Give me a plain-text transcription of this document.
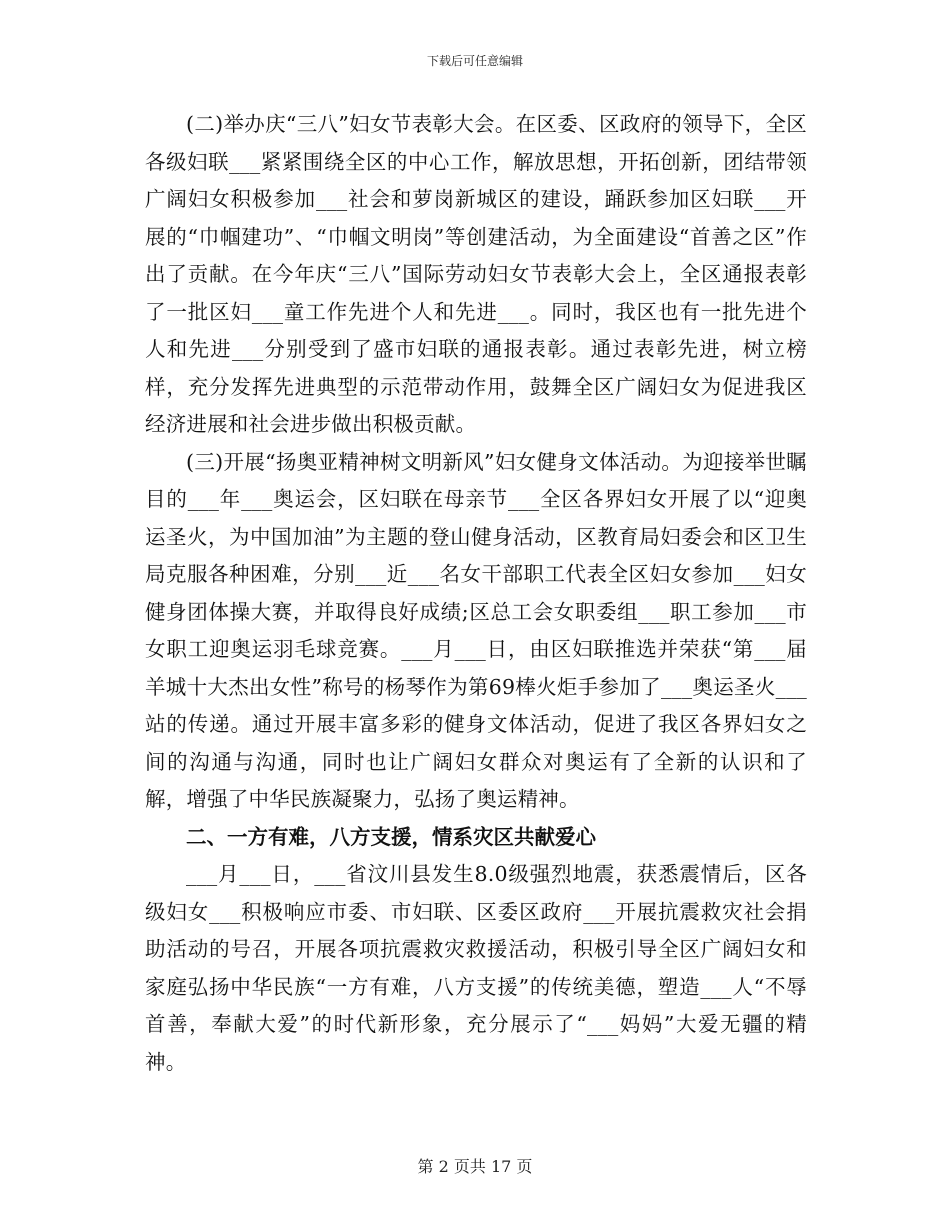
下载后可任意编辑

(二)举办庆“三八”妇女节表彰大会。在区委、区政府的领导下，全区各级妇联___紧紧围绕全区的中心工作，解放思想，开拓创新，团结带领广阔妇女积极参加___社会和萝岗新城区的建设，踊跃参加区妇联___开展的“巾帼建功”、“巾帼文明岗”等创建活动，为全面建设“首善之区”作出了贡献。在今年庆“三八”国际劳动妇女节表彰大会上，全区通报表彰了一批区妇___童工作先进个人和先进___。同时，我区也有一批先进个人和先进___分别受到了盛市妇联的通报表彰。通过表彰先进，树立榜样，充分发挥先进典型的示范带动作用，鼓舞全区广阔妇女为促进我区经济进展和社会进步做出积极贡献。

(三)开展“扬奥亚精神树文明新风”妇女健身文体活动。为迎接举世瞩目的___年___奥运会，区妇联在母亲节___全区各界妇女开展了以“迎奥运圣火，为中国加油”为主题的登山健身活动，区教育局妇委会和区卫生局克服各种困难，分别___近___名女干部职工代表全区妇女参加___妇女健身团体操大赛，并取得良好成绩;区总工会女职委组___职工参加___市女职工迎奥运羽毛球竞赛。___月___日，由区妇联推选并荣获“第___届羊城十大杰出女性”称号的杨琴作为第69棒火炬手参加了___奥运圣火___站的传递。通过开展丰富多彩的健身文体活动，促进了我区各界妇女之间的沟通与沟通，同时也让广阔妇女群众对奥运有了全新的认识和了解，增强了中华民族凝聚力，弘扬了奥运精神。

二、一方有难，八方支援，情系灾区共献爱心

___月___日，___省汶川县发生8.0级强烈地震，获悉震情后，区各级妇女___积极响应市委、市妇联、区委区政府___开展抗震救灾社会捐助活动的号召，开展各项抗震救灾救援活动，积极引导全区广阔妇女和家庭弘扬中华民族“一方有难，八方支援”的传统美德，塑造___人“不辱首善，奉献大爱”的时代新形象，充分展示了“___妈妈”大爱无疆的精神。

第 2 页共 17 页
